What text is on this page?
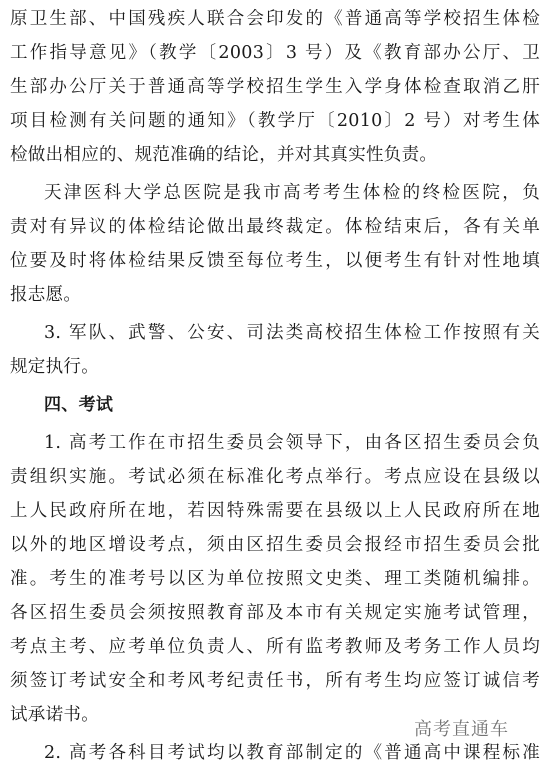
原卫生部、中国残疾人联合会印发的《普通高等学校招生体检
工作指导意见》（教学〔2003〕3 号）及《教育部办公厅、卫
生部办公厅关于普通高等学校招生学生入学身体检查取消乙肝
项目检测有关问题的通知》（教学厅〔2010〕2 号）对考生体
检做出相应的、规范准确的结论，并对其真实性负责。
天津医科大学总医院是我市高考考生体检的终检医院，负
责对有异议的体检结论做出最终裁定。体检结束后，各有关单
位要及时将体检结果反馈至每位考生，以便考生有针对性地填
报志愿。
3. 军队、武警、公安、司法类高校招生体检工作按照有关
规定执行。
四、考试
1. 高考工作在市招生委员会领导下，由各区招生委员会负
责组织实施。考试必须在标准化考点举行。考点应设在县级以
上人民政府所在地，若因特殊需要在县级以上人民政府所在地
以外的地区增设考点，须由区招生委员会报经市招生委员会批
准。考生的准考号以区为单位按照文史类、理工类随机编排。
各区招生委员会须按照教育部及本市有关规定实施考试管理，
考点主考、应考单位负责人、所有监考教师及考务工作人员均
须签订考试安全和考风考纪责任书，所有考生均应签订诚信考
试承诺书。
2. 高考各科目考试均以教育部制定的《普通高中课程标准
高考直通车
